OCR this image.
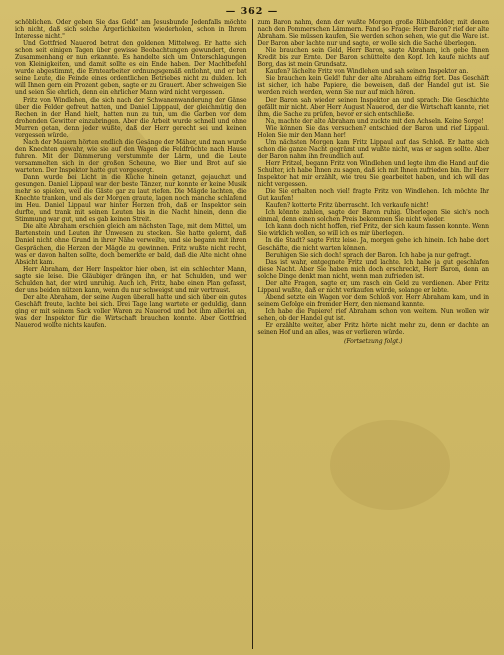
— 362 —

schöblichen. Oder geben Sie das Geld" am Jesusbunde Jedenfalls möchte ich nicht, daß sich solche Ärgerlichkeiten wiederholen, schon in Ihrem Interesse nicht."

Und Gottfried Nauerod betrat den goldenen Mittelweg. Er hatte sich schon seit einigen Tagen über gewisse Beobachtungen gewundert, deren Zusammenhang er nun erkannte. Es handelte sich um Unterschlagungen von Kleinigkeiten, und damit sollte es ein Ende haben. Der Machtbefehl wurde abgestimmt, die Erntearbeiter ordnungsgemäß entlohnt, und er bat seine Leute, die Feinde eines ordentlichen Betriebes nicht zu dulden. Ich will Ihnen gern ein Prozent geben, sagte er zu Grauert. Aber schweigen Sie und seien Sie ehrlich, denn ein ehrlicher Mann wird nicht vergessen.

Fritz von Windlehen, die sich nach der Schwanenwanderung der Gänse über die Felder gefreut hatten, und Daniel Lipppaul, der gleichmütig den Rechen in der Hand hielt, hatten nun zu tun, um die Garben vor dem drohenden Gewitter einzubringen. Aber die Arbeit wurde schnell und ohne Murren getan, denn jeder wußte, daß der Herr gerecht sei und keinen vergessen würde.

Nach der Mauern hörten endlich die Gesänge der Mäher, und man wurde den Knechten gewahr, wie sie auf den Wagen die Feldfrüchte nach Hause fuhren. Mit der Dämmerung verstummte der Lärm, und die Leute versammelten sich in der großen Scheune, wo Bier und Brot auf sie warteten. Der Inspektor hatte gut vorgesorgt.

Dann wurde bei Licht in die Küche hinein getanzt, gejauchzt und gesungen. Daniel Lippaul war der beste Tänzer, nur konnte er keine Musik mehr so spielen, weil die Gäste gar zu laut riefen. Die Mägde lachten, die Knechte tranken, und als der Morgen graute, lagen noch manche schlafend im Heu. Daniel Lippaul war hinter Herzen froh, daß er Inspektor sein durfte, und trank mit seinen Leuten bis in die Nacht hinein, denn die Stimmung war gut, und es gab keinen Streit.

Die alte Abraham erschien gleich am nächsten Tage, mit dem Mittel, um Bartenstein und Leuten ihr Unwesen zu stecken. Sie hatte gelernt, daß Daniel nicht ohne Grund in ihrer Nähe verweilte, und sie begann mit ihren Gesprächen, die Herzen der Mägde zu gewinnen. Fritz wußte nicht recht, was er davon halten sollte, doch bemerkte er bald, daß die Alte nicht ohne Absicht kam.

Herr Abraham, der Herr Inspektor hier oben, ist ein schlechter Mann, sagte sie leise. Die Gläubiger drängen ihn, er hat Schulden, und wer Schulden hat, der wird unruhig. Auch ich, Fritz, habe einen Plan gefasst, der uns beiden nützen kann, wenn du nur schweigst und mir vertraust.

Der alte Abraham, der seine Augen überall hatte und sich über ein gutes Geschäft freute, lachte bei sich. Drei Tage lang wartete er geduldig, dann ging er mit seinem Sack voller Waren zu Nauerod und bot ihm allerlei an, was der Inspektor für die Wirtschaft brauchen konnte. Aber Gottfried Nauerod wollte nichts kaufen.

zum Baron nahm, denn der wußte Morgen große Rübenfelder, mit denen nach den Pommerschen Lämmern. Fand so Frage: Herr Baron? rief der alte Abraham. Sie müssen kaufen, Sie werden schon sehen, wie gut die Ware ist. Der Baron aber lachte nur und sagte, er wolle sich die Sache überlegen.

Nie brauchen sein Geld, Herr Baron, sagte Abraham, ich gebe Ihnen Kredit bis zur Ernte. Der Baron schüttelte den Kopf. Ich kaufe nichts auf Borg, das ist mein Grundsatz.

Kaufen? lächelte Fritz von Windlehen und sah seinen Inspektor an.

Sie brauchen kein Geld! fuhr der alte Abraham eifrig fort. Das Geschäft ist sicher, ich habe Papiere, die beweisen, daß der Handel gut ist. Sie werden reich werden, wenn Sie nur auf mich hören.

Der Baron sah wieder seinen Inspektor an und sprach: Die Geschichte gefällt mir nicht. Aber Herr August Nauerod, der die Wirtschaft kannte, riet ihm, die Sache zu prüfen, bevor er sich entschließe.

Na, machte der alte Abraham und zuckte mit den Achseln. Keine Sorge!

Wie können Sie das versuchen? entschied der Baron und rief Lippaul. Holen Sie mir den Mann her!

Um nächsten Morgen kam Fritz Lippaul auf das Schloß. Er hatte sich schon die ganze Nacht gegrämt und wußte nicht, was er sagen sollte. Aber der Baron nahm ihn freundlich auf.

Herr Fritzel, begann Fritz von Windlehen und legte ihm die Hand auf die Schulter, ich habe Ihnen zu sagen, daß ich mit Ihnen zufrieden bin. Ihr Herr Inspektor hat mir erzählt, wie treu Sie gearbeitet haben, und ich will das nicht vergessen.

Die Sie erhalten noch viel! fragte Fritz von Windlehen. Ich möchte Ihr Gut kaufen!

Kaufen? kotterte Fritz überrascht. Ich verkaufe nicht!

Ich könnte zahlen, sagte der Baron ruhig. Überlegen Sie sich's noch einmal, denn einen solchen Preis bekommen Sie nicht wieder.

Ich kann doch nicht hoffen, rief Fritz, der sich kaum fassen konnte. Wenn Sie wirklich wollen, so will ich es mir überlegen.

In die Stadt? sagte Fritz leise. Ja, morgen gehe ich hinein. Ich habe dort Geschäfte, die nicht warten können.

Beruhigen Sie sich doch! sprach der Baron. Ich habe ja nur gefragt.

Das ist wahr, entgegnete Fritz und lachte. Ich habe ja gut geschlafen diese Nacht. Aber Sie haben mich doch erschreckt, Herr Baron, denn an solche Dinge denkt man nicht, wenn man zufrieden ist.

Der alte Fragen, sagte er, um rasch ein Geld zu verdienen. Aber Fritz Lippaul wußte, daß er nicht verkaufen würde, solange er lebte.

Abend setzte ein Wagen vor dem Schloß vor. Herr Abraham kam, und in seinem Gefolge ein fremder Herr, den niemand kannte.

Ich habe die Papiere! rief Abraham schon von weitem. Nun wollen wir sehen, ob der Handel gut ist.

Er erzählte weiter, aber Fritz hörte nicht mehr zu, denn er dachte an seinen Hof und an alles, was er verlieren würde.

(Fortsetzung folgt.)
